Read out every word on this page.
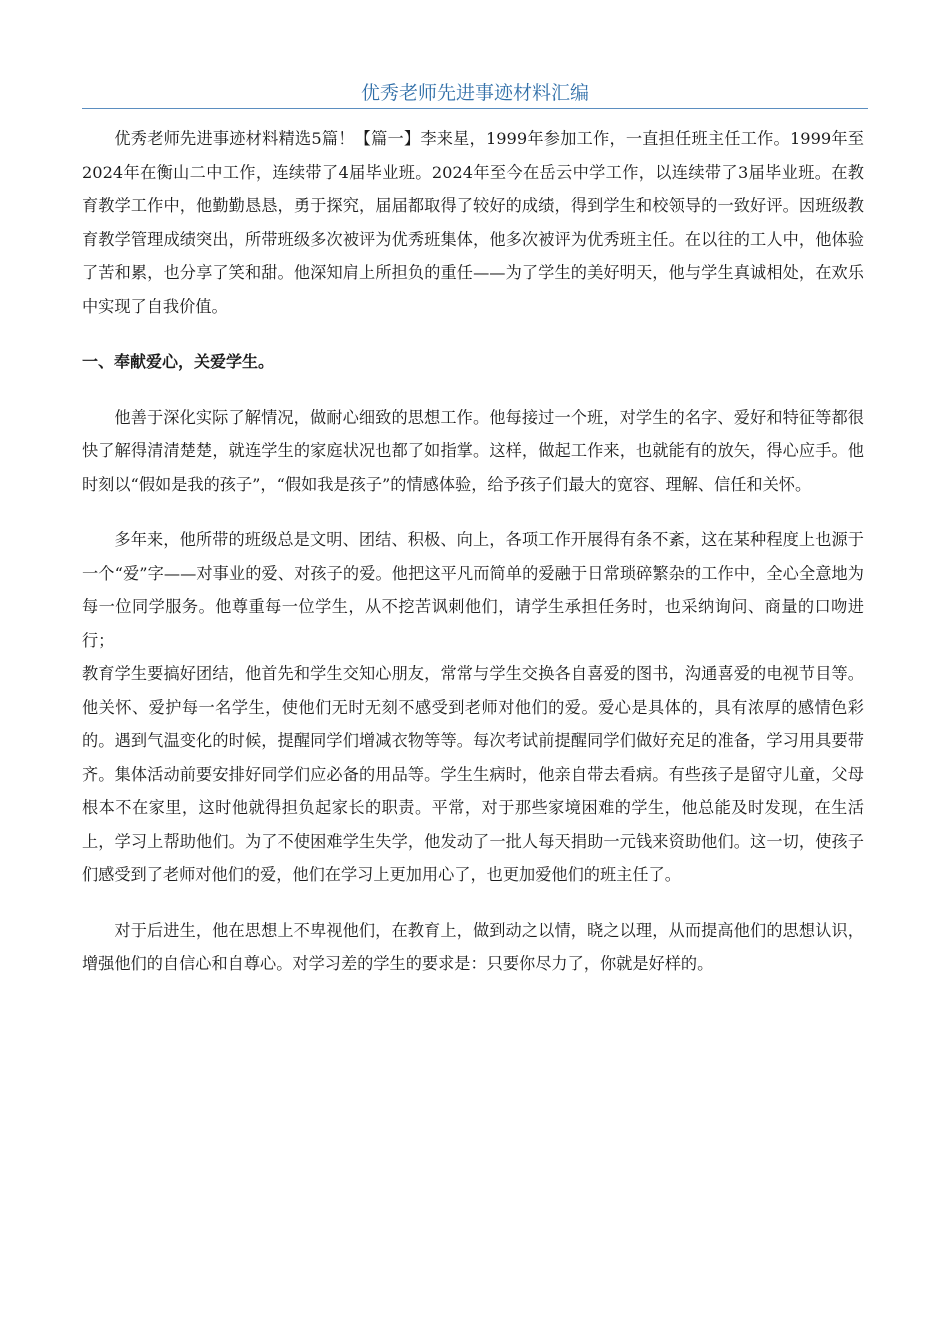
优秀老师先进事迹材料汇编

优秀老师先进事迹材料精选5篇！【篇一】李来星，1999年参加工作，一直担任班主任工作。1999年至2024年在衡山二中工作，连续带了4届毕业班。2024年至今在岳云中学工作，以连续带了3届毕业班。在教育教学工作中，他勤勤恳恳，勇于探究，届届都取得了较好的成绩，得到学生和校领导的一致好评。因班级教育教学管理成绩突出，所带班级多次被评为优秀班集体，他多次被评为优秀班主任。在以往的工人中，他体验了苦和累，也分享了笑和甜。他深知肩上所担负的重任——为了学生的美好明天，他与学生真诚相处，在欢乐中实现了自我价值。

一、奉献爱心，关爱学生。

他善于深化实际了解情况，做耐心细致的思想工作。他每接过一个班，对学生的名字、爱好和特征等都很快了解得清清楚楚，就连学生的家庭状况也都了如指掌。这样，做起工作来，也就能有的放矢，得心应手。他时刻以“假如是我的孩子”，“假如我是孩子”的情感体验，给予孩子们最大的宽容、理解、信任和关怀。

多年来，他所带的班级总是文明、团结、积极、向上，各项工作开展得有条不紊，这在某种程度上也源于一个“爱”字——对事业的爱、对孩子的爱。他把这平凡而简单的爱融于日常琐碎繁杂的工作中，全心全意地为每一位同学服务。他尊重每一位学生，从不挖苦讽刺他们，请学生承担任务时，也采纳询问、商量的口吻进行；

教育学生要搞好团结，他首先和学生交知心朋友，常常与学生交换各自喜爱的图书，沟通喜爱的电视节目等。他关怀、爱护每一名学生，使他们无时无刻不感受到老师对他们的爱。爱心是具体的，具有浓厚的感情色彩的。遇到气温变化的时候，提醒同学们增减衣物等等。每次考试前提醒同学们做好充足的准备，学习用具要带齐。集体活动前要安排好同学们应必备的用品等。学生生病时，他亲自带去看病。有些孩子是留守儿童，父母根本不在家里，这时他就得担负起家长的职责。平常，对于那些家境困难的学生，他总能及时发现，在生活上，学习上帮助他们。为了不使困难学生失学，他发动了一批人每天捐助一元钱来资助他们。这一切，使孩子们感受到了老师对他们的爱，他们在学习上更加用心了，也更加爱他们的班主任了。

对于后进生，他在思想上不卑视他们，在教育上，做到动之以情，晓之以理，从而提高他们的思想认识，增强他们的自信心和自尊心。对学习差的学生的要求是：只要你尽力了，你就是好样的。
